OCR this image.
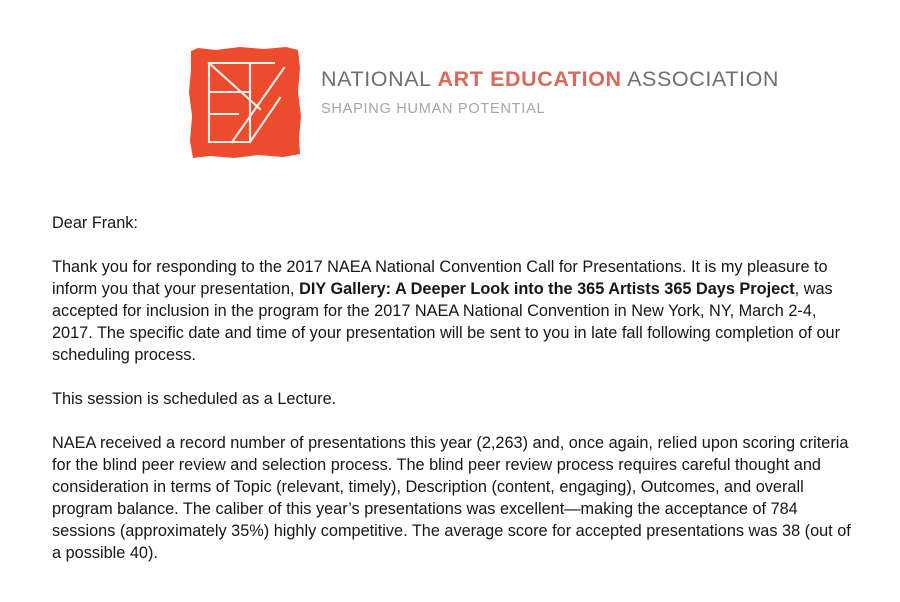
NATIONAL ART EDUCATION ASSOCIATION
SHAPING HUMAN POTENTIAL

Dear Frank:

Thank you for responding to the 2017 NAEA National Convention Call for Presentations. It is my pleasure to inform you that your presentation, DIY Gallery: A Deeper Look into the 365 Artists 365 Days Project, was accepted for inclusion in the program for the 2017 NAEA National Convention in New York, NY, March 2-4, 2017. The specific date and time of your presentation will be sent to you in late fall following completion of our scheduling process.

This session is scheduled as a Lecture.

NAEA received a record number of presentations this year (2,263) and, once again, relied upon scoring criteria for the blind peer review and selection process. The blind peer review process requires careful thought and consideration in terms of Topic (relevant, timely), Description (content, engaging), Outcomes, and overall program balance. The caliber of this year’s presentations was excellent—making the acceptance of 784 sessions (approximately 35%) highly competitive. The average score for accepted presentations was 38 (out of a possible 40).
